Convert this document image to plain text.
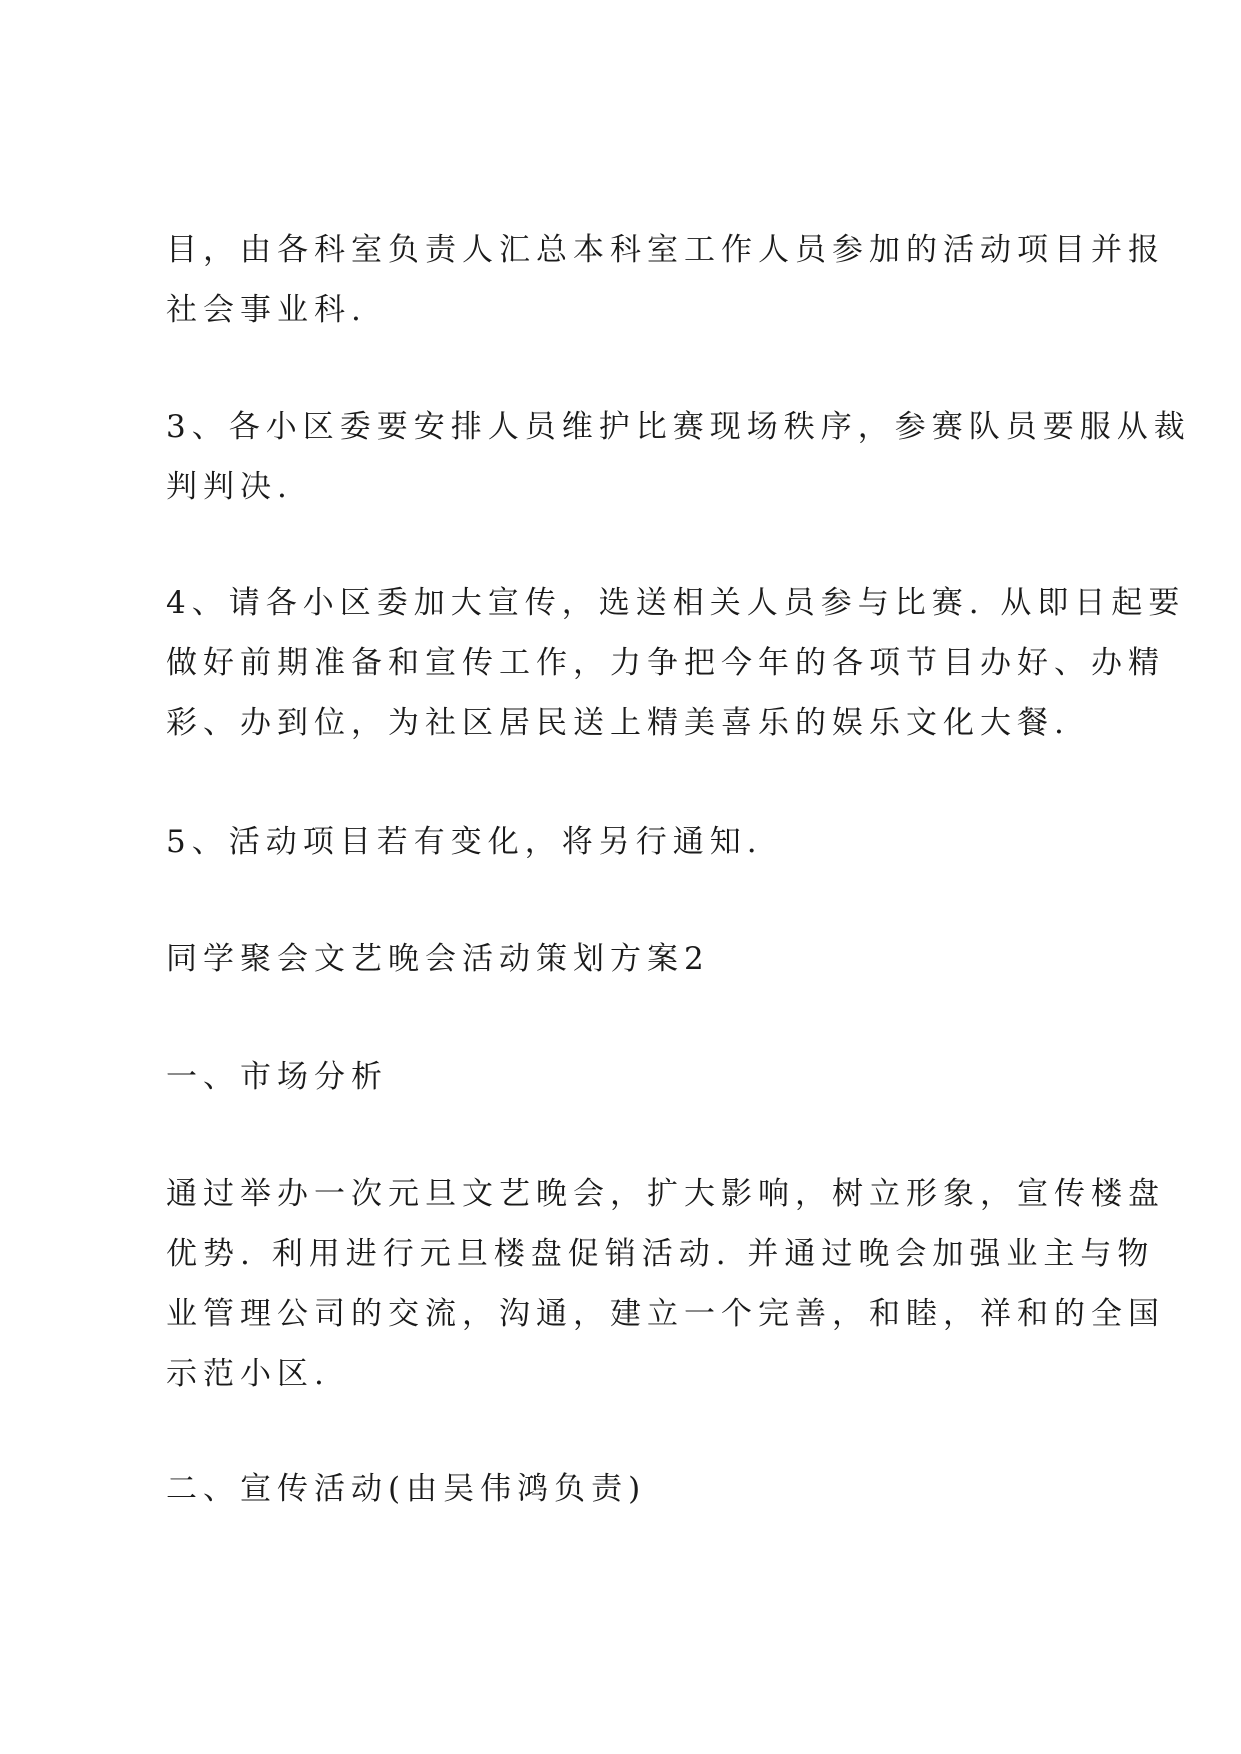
目，由各科室负责人汇总本科室工作人员参加的活动项目并报
社会事业科.
3、各小区委要安排人员维护比赛现场秩序，参赛队员要服从裁
判判决.
4、请各小区委加大宣传，选送相关人员参与比赛. 从即日起要
做好前期准备和宣传工作，力争把今年的各项节目办好、办精
彩、办到位，为社区居民送上精美喜乐的娱乐文化大餐.
5、活动项目若有变化，将另行通知.
同学聚会文艺晚会活动策划方案2
一、市场分析
通过举办一次元旦文艺晚会，扩大影响，树立形象，宣传楼盘
优势. 利用进行元旦楼盘促销活动. 并通过晚会加强业主与物
业管理公司的交流，沟通，建立一个完善，和睦，祥和的全国
示范小区.
二、宣传活动(由吴伟鸿负责)
